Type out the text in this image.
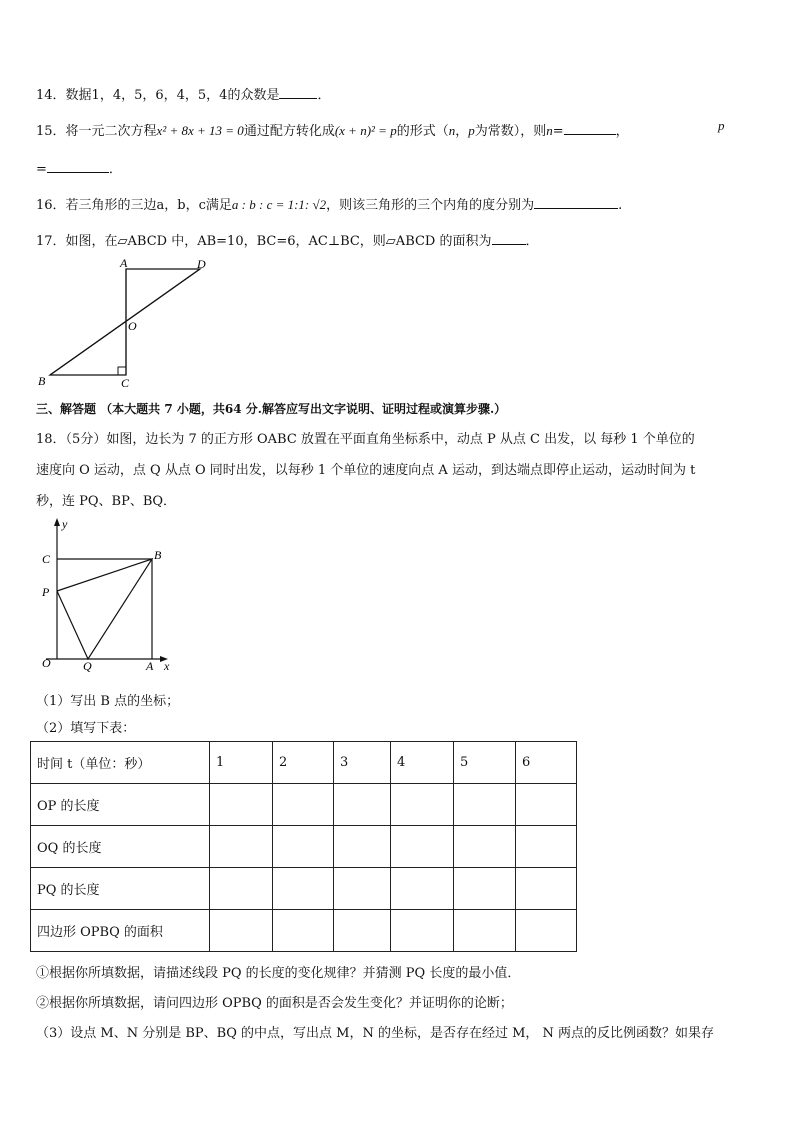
14．数据1，4，5，6，4，5，4的众数是	．
15．将一元二次方程x² + 8x + 13 = 0通过配方转化成(x + n)² = p的形式（n，p为常数），则n=	，	p
=	．
16．若三角形的三边a，b，c满足a : b : c = 1:1: √2，则该三角形的三个内角的度分别为	.
17．如图，在▱ABCD 中，AB=10，BC=6，AC⊥BC，则▱ABCD 的面积为	．
A	D
O
B	C
三、解答题 （本大题共 7 小题，共64 分.解答应写出文字说明、证明过程或演算步骤.）
18．（5分）如图，边长为 7 的正方形 OABC 放置在平面直角坐标系中，动点 P 从点 C 出发，以 每秒 1 个单位的
速度向 O 运动，点 Q 从点 O 同时出发，以每秒 1 个单位的速度向点 A 运动，到达端点即停止运动，运动时间为 t
秒，连 PQ、BP、BQ．
y
C	B
P
O	Q	A x
（1）写出 B 点的坐标；
（2）填写下表：
时间 t（单位：秒）	1	2	3	4	5	6
OP 的长度						
OQ 的长度						
PQ 的长度						
四边形 OPBQ 的面积						
①根据你所填数据，请描述线段 PQ 的长度的变化规律？并猜测 PQ 长度的最小值．
②根据你所填数据，请问四边形 OPBQ 的面积是否会发生变化？并证明你的论断；
（3）设点 M、N 分别是 BP、BQ 的中点，写出点 M，N 的坐标，是否存在经过 M， N 两点的反比例函数？如果存
